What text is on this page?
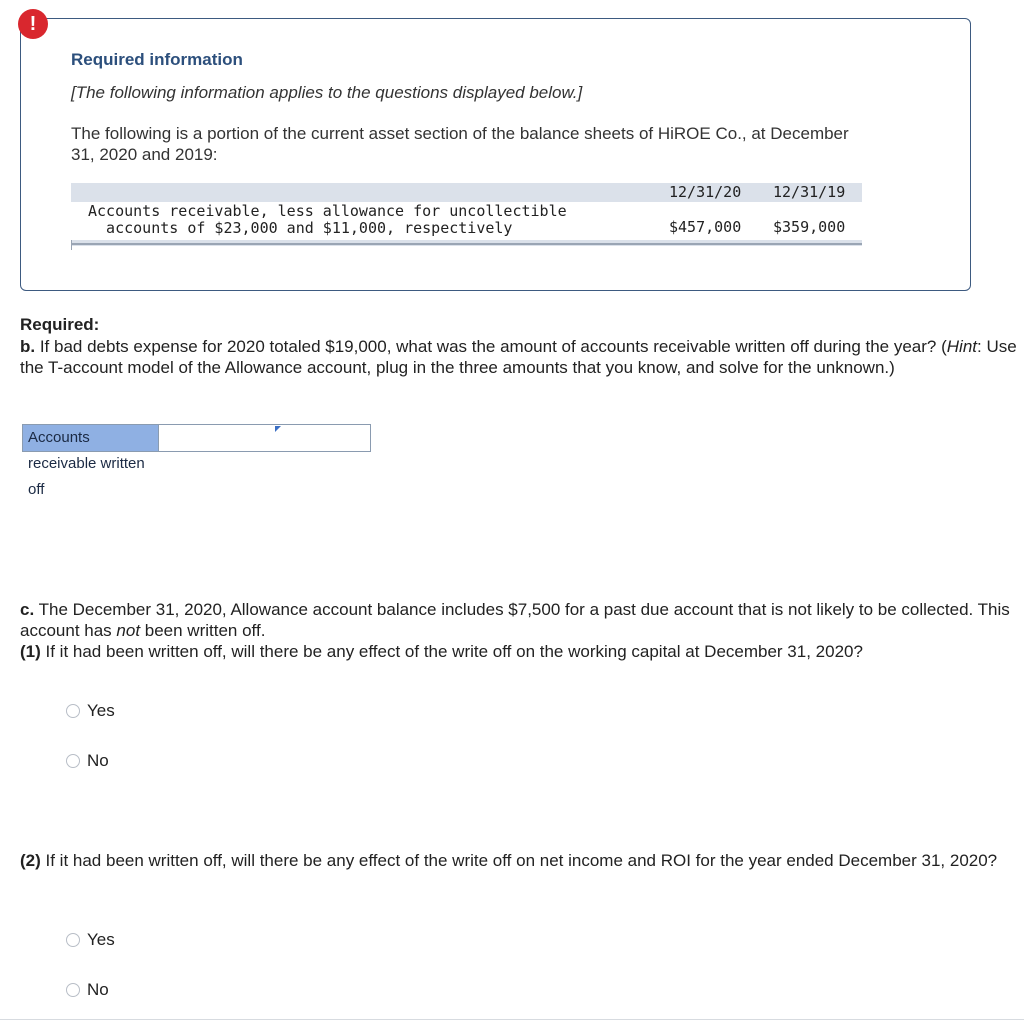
Required information
[The following information applies to the questions displayed below.]
The following is a portion of the current asset section of the balance sheets of HiROE Co., at December
31, 2020 and 2019:
12/31/20 12/31/19
Accounts receivable, less allowance for uncollectible
accounts of $23,000 and $11,000, respectively	$457,000 $359,000
!
Required:
b. If bad debts expense for 2020 totaled $19,000, what was the amount of accounts receivable written off during the year? (Hint: Use the T-account model of the Allowance account, plug in the three amounts that you know, and solve for the unknown.)
Accounts receivable written off
c. The December 31, 2020, Allowance account balance includes $7,500 for a past due account that is not likely to be collected. This account has not been written off.
(1) If it had been written off, will there be any effect of the write off on the working capital at December 31, 2020?
Yes
No
(2) If it had been written off, will there be any effect of the write off on net income and ROI for the year ended December 31, 2020?
Yes
No
